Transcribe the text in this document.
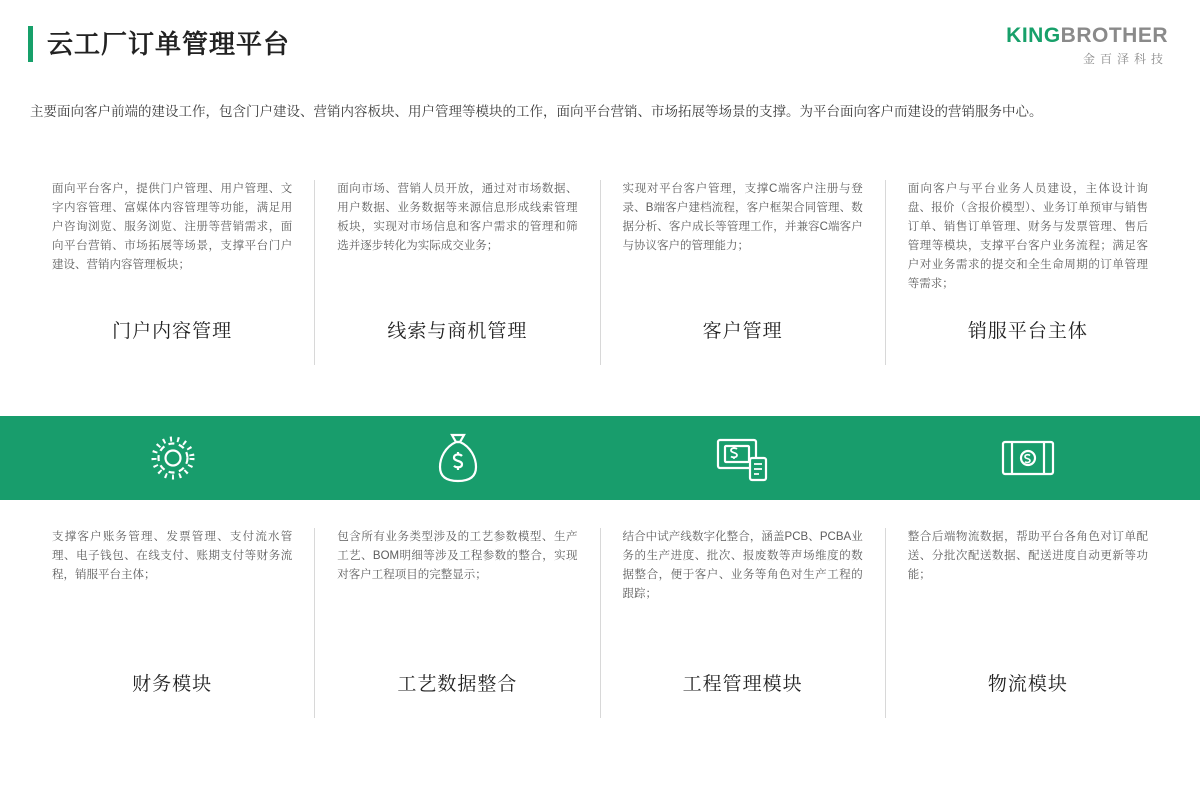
云工厂订单管理平台	KINGBROTHER
金百泽科技
主要面向客户前端的建设工作，包含门户建设、营销内容板块、用户管理等模块的工作，面向平台营销、市场拓展等场景的支撑。为平台面向客户而建设的营销服务中心。
面向平台客户，提供门户管理、用户管理、文字内容管理、富媒体内容管理等功能，满足用户咨询浏览、服务浏览、注册等营销需求，面向平台营销、市场拓展等场景，支撑平台门户建设、营销内容管理板块；
门户内容管理
面向市场、营销人员开放，通过对市场数据、用户数据、业务数据等来源信息形成线索管理板块，实现对市场信息和客户需求的管理和筛选并逐步转化为实际成交业务；
线索与商机管理
实现对平台客户管理，支撑C端客户注册与登录、B端客户建档流程，客户框架合同管理、数据分析、客户成长等管理工作，并兼容C端客户与协议客户的管理能力；
客户管理
面向客户与平台业务人员建设，主体设计询盘、报价（含报价模型）、业务订单预审与销售订单、销售订单管理、财务与发票管理、售后管理等模块，支撑平台客户业务流程；满足客户对业务需求的提交和全生命周期的订单管理等需求；
销服平台主体
支撑客户账务管理、发票管理、支付流水管理、电子钱包、在线支付、账期支付等财务流程，销服平台主体；
财务模块
包含所有业务类型涉及的工艺参数模型、生产工艺、BOM明细等涉及工程参数的整合，实现对客户工程项目的完整显示；
工艺数据整合
结合中试产线数字化整合，涵盖PCB、PCBA业务的生产进度、批次、报废数等声场维度的数据整合，便于客户、业务等角色对生产工程的跟踪；
工程管理模块
整合后端物流数据，帮助平台各角色对订单配送、分批次配送数据、配送进度自动更新等功能；
物流模块
